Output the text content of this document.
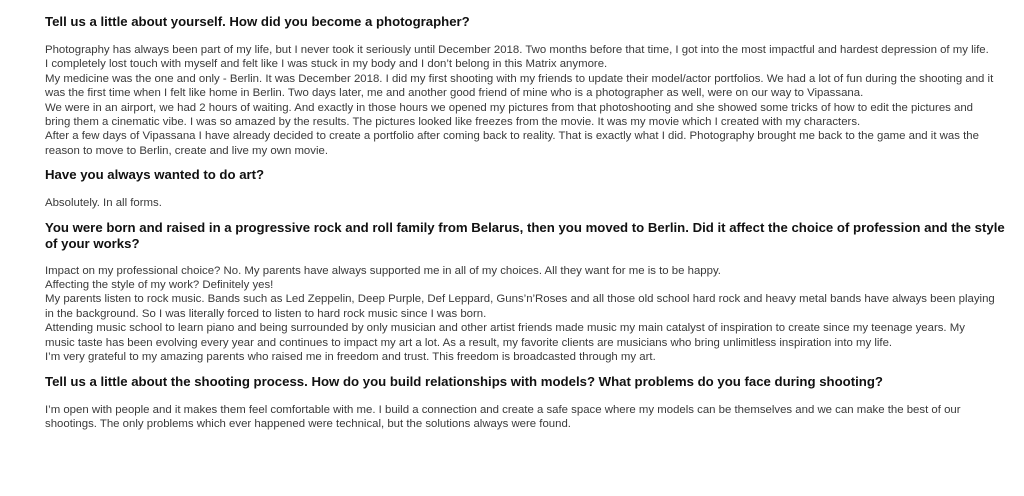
Tell us a little about yourself. How did you become a photographer?

Photography has always been part of my life, but I never took it seriously until December 2018. Two months before that time, I got into the most impactful and hardest depression of my life. I completely lost touch with myself and felt like I was stuck in my body and I don’t belong in this Matrix anymore.

My medicine was the one and only - Berlin. It was December 2018. I did my first shooting with my friends to update their model/actor portfolios. We had a lot of fun during the shooting and it was the first time when I felt like home in Berlin. Two days later, me and another good friend of mine who is a photographer as well, were on our way to Vipassana.

We were in an airport, we had 2 hours of waiting. And exactly in those hours we opened my pictures from that photoshooting and she showed some tricks of how to edit the pictures and bring them a cinematic vibe. I was so amazed by the results. The pictures looked like freezes from the movie. It was my movie which I created with my characters.

After a few days of Vipassana I have already decided to create a portfolio after coming back to reality. That is exactly what I did. Photography brought me back to the game and it was the reason to move to Berlin, create and live my own movie.

Have you always wanted to do art?

Absolutely. In all forms.

You were born and raised in a progressive rock and roll family from Belarus, then you moved to Berlin. Did it affect the choice of profession and the style of your works?

Impact on my professional choice? No. My parents have always supported me in all of my choices. All they want for me is to be happy.

Affecting the style of my work? Definitely yes!

My parents listen to rock music. Bands such as Led Zeppelin, Deep Purple, Def Leppard, Guns’n’Roses and all those old school hard rock and heavy metal bands have always been playing in the background. So I was literally forced to listen to hard rock music since I was born.

Attending music school to learn piano and being surrounded by only musician and other artist friends made music my main catalyst of inspiration to create since my teenage years. My music taste has been evolving every year and continues to impact my art a lot. As a result, my favorite clients are musicians who bring unlimitless inspiration into my life.

I’m very grateful to my amazing parents who raised me in freedom and trust. This freedom is broadcasted through my art.

Tell us a little about the shooting process. How do you build relationships with models? What problems do you face during shooting?

I’m open with people and it makes them feel comfortable with me. I build a connection and create a safe space where my models can be themselves and we can make the best of our shootings. The only problems which ever happened were technical, but the solutions always were found.
